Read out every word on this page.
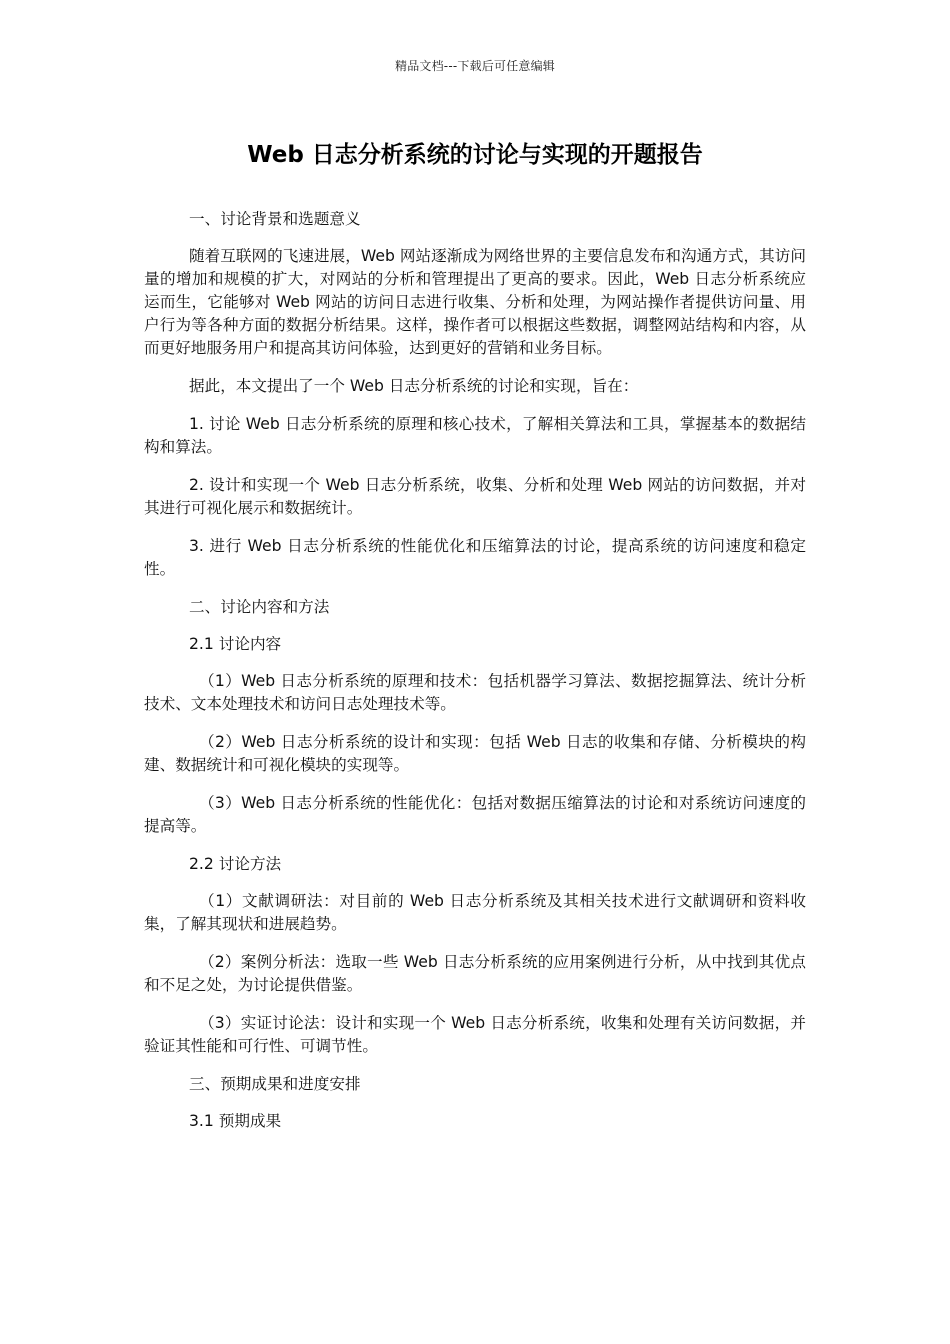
精品文档---下载后可任意编辑
Web 日志分析系统的讨论与实现的开题报告

一、讨论背景和选题意义

随着互联网的飞速进展，Web 网站逐渐成为网络世界的主要信息发布和沟通方式，其访问量的增加和规模的扩大，对网站的分析和管理提出了更高的要求。因此，Web 日志分析系统应运而生，它能够对 Web 网站的访问日志进行收集、分析和处理，为网站操作者提供访问量、用户行为等各种方面的数据分析结果。这样，操作者可以根据这些数据，调整网站结构和内容，从而更好地服务用户和提高其访问体验，达到更好的营销和业务目标。

据此，本文提出了一个 Web 日志分析系统的讨论和实现，旨在：

1. 讨论 Web 日志分析系统的原理和核心技术，了解相关算法和工具，掌握基本的数据结构和算法。

2. 设计和实现一个 Web 日志分析系统，收集、分析和处理 Web 网站的访问数据，并对其进行可视化展示和数据统计。

3. 进行 Web 日志分析系统的性能优化和压缩算法的讨论，提高系统的访问速度和稳定性。

二、讨论内容和方法

2.1 讨论内容

（1）Web 日志分析系统的原理和技术：包括机器学习算法、数据挖掘算法、统计分析技术、文本处理技术和访问日志处理技术等。

（2）Web 日志分析系统的设计和实现：包括 Web 日志的收集和存储、分析模块的构建、数据统计和可视化模块的实现等。

（3）Web 日志分析系统的性能优化：包括对数据压缩算法的讨论和对系统访问速度的提高等。

2.2 讨论方法

（1）文献调研法：对目前的 Web 日志分析系统及其相关技术进行文献调研和资料收集，了解其现状和进展趋势。

（2）案例分析法：选取一些 Web 日志分析系统的应用案例进行分析，从中找到其优点和不足之处，为讨论提供借鉴。

（3）实证讨论法：设计和实现一个 Web 日志分析系统，收集和处理有关访问数据，并验证其性能和可行性、可调节性。

三、预期成果和进度安排

3.1 预期成果
